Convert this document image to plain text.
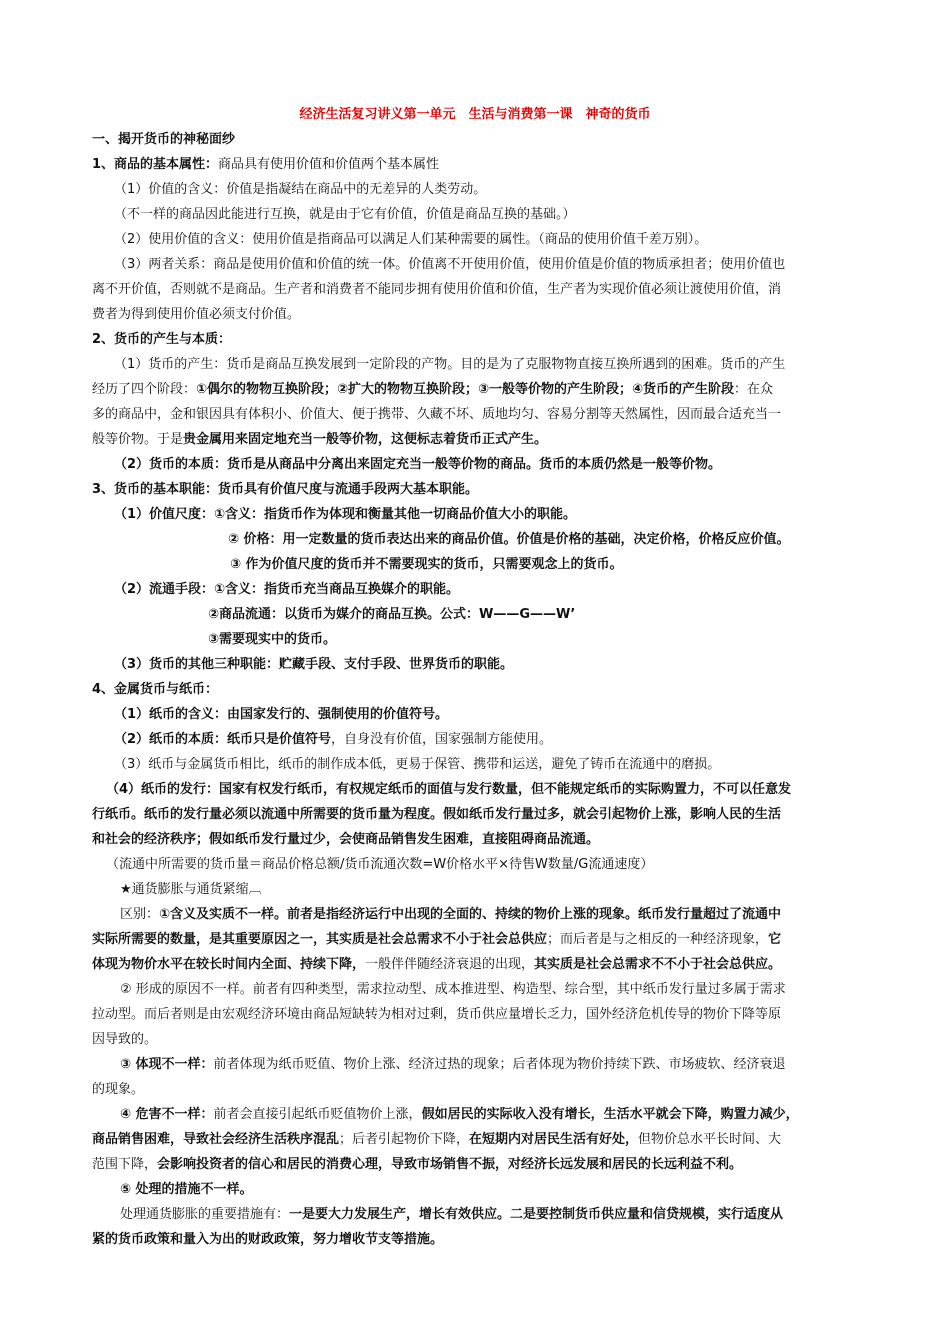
经济生活复习讲义第一单元　生活与消费第一课　神奇的货币
一、揭开货币的神秘面纱
1、商品的基本属性：商品具有使用价值和价值两个基本属性
（1）价值的含义：价值是指凝结在商品中的无差异的人类劳动。
（不一样的商品因此能进行互换，就是由于它有价值，价值是商品互换的基础。）
（2）使用价值的含义：使用价值是指商品可以满足人们某种需要的属性。（商品的使用价值千差万别）。
（3）两者关系：商品是使用价值和价值的统一体。价值离不开使用价值，使用价值是价值的物质承担者；使用价值也
离不开价值，否则就不是商品。生产者和消费者不能同步拥有使用价值和价值，生产者为实现价值必须让渡使用价值，消
费者为得到使用价值必须支付价值。
2、货币的产生与本质：
（1）货币的产生：货币是商品互换发展到一定阶段的产物。目的是为了克服物物直接互换所遇到的困难。货币的产生
经历了四个阶段：①偶尔的物物互换阶段；②扩大的物物互换阶段；③一般等价物的产生阶段；④货币的产生阶段：在众
多的商品中，金和银因具有体积小、价值大、便于携带、久藏不坏、质地均匀、容易分割等天然属性，因而最合适充当一
般等价物。于是贵金属用来固定地充当一般等价物，这便标志着货币正式产生。
（2）货币的本质：货币是从商品中分离出来固定充当一般等价物的商品。货币的本质仍然是一般等价物。
3、货币的基本职能：货币具有价值尺度与流通手段两大基本职能。
（1）价值尺度：①含义：指货币作为体现和衡量其他一切商品价值大小的职能。
② 价格：用一定数量的货币表达出来的商品价值。价值是价格的基础，决定价格，价格反应价值。
③ 作为价值尺度的货币并不需要现实的货币，只需要观念上的货币。
（2）流通手段：①含义：指货币充当商品互换媒介的职能。
②商品流通：以货币为媒介的商品互换。公式：W——G——W’
③需要现实中的货币。
（3）货币的其他三种职能：贮藏手段、支付手段、世界货币的职能。
4、金属货币与纸币：
（1）纸币的含义：由国家发行的、强制使用的价值符号。
（2）纸币的本质：纸币只是价值符号，自身没有价值，国家强制方能使用。
（3）纸币与金属货币相比，纸币的制作成本低，更易于保管、携带和运送，避免了铸币在流通中的磨损。
（4）纸币的发行：国家有权发行纸币，有权规定纸币的面值与发行数量，但不能规定纸币的实际购置力，不可以任意发
行纸币。纸币的发行量必须以流通中所需要的货币量为程度。假如纸币发行量过多，就会引起物价上涨，影响人民的生活
和社会的经济秩序；假如纸币发行量过少，会使商品销售发生困难，直接阻碍商品流通。
（流通中所需要的货币量＝商品价格总额/货币流通次数=W价格水平×待售W数量/G流通速度）
★通货膨胀与通货紧缩︹
区别：①含义及实质不一样。前者是指经济运行中出现的全面的、持续的物价上涨的现象。纸币发行量超过了流通中
实际所需要的数量，是其重要原因之一，其实质是社会总需求不小于社会总供应；而后者是与之相反的一种经济现象，它
体现为物价水平在较长时间内全面、持续下降，一般伴伴随经济衰退的出现，其实质是社会总需求不不小于社会总供应。
② 形成的原因不一样。前者有四种类型，需求拉动型、成本推进型、构造型、综合型，其中纸币发行量过多属于需求
拉动型。而后者则是由宏观经济环境由商品短缺转为相对过剩，货币供应量增长乏力，国外经济危机传导的物价下降等原
因导致的。
③ 体现不一样：前者体现为纸币贬值、物价上涨、经济过热的现象；后者体现为物价持续下跌、市场疲软、经济衰退
的现象。
④ 危害不一样：前者会直接引起纸币贬值物价上涨，假如居民的实际收入没有增长，生活水平就会下降，购置力减少，
商品销售困难，导致社会经济生活秩序混乱；后者引起物价下降，在短期内对居民生活有好处，但物价总水平长时间、大
范围下降，会影响投资者的信心和居民的消费心理，导致市场销售不振，对经济长远发展和居民的长远利益不利。
⑤ 处理的措施不一样。
处理通货膨胀的重要措施有：一是要大力发展生产，增长有效供应。二是要控制货币供应量和信贷规模，实行适度从
紧的货币政策和量入为出的财政政策，努力增收节支等措施。
